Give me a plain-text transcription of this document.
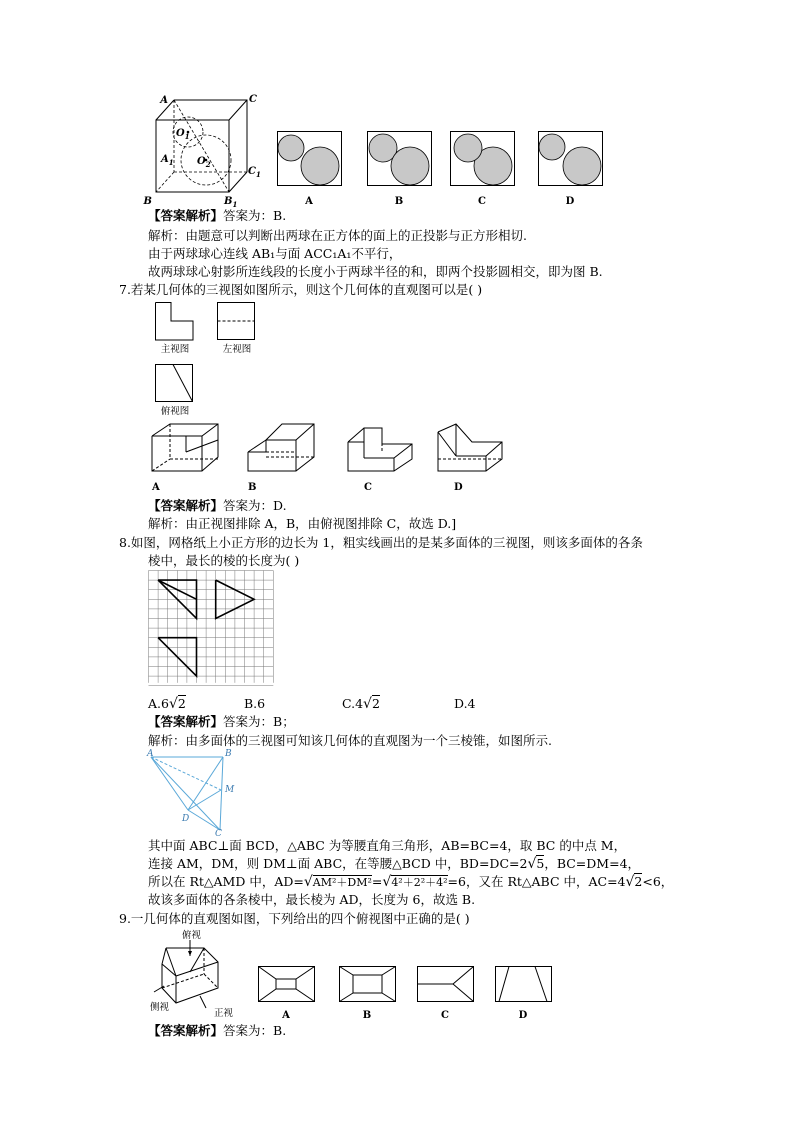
A	C
$O_1$
$A_1$ $O_2$
$C_1$
B	$B_1$	A	B	C	D
【答案解析】答案为：B.
解析：由题意可以判断出两球在正方体的面上的正投影与正方形相切.
由于两球球心连线 AB₁与面 ACC₁A₁不平行，
故两球球心射影所连线段的长度小于两球半径的和，即两个投影圆相交，即为图 B.
7.若某几何体的三视图如图所示，则这个几何体的直观图可以是( )
主视图	左视图
俯视图
A	B	C	D
【答案解析】答案为：D.
解析：由正视图排除 A，B，由俯视图排除 C，故选 D.]
8.如图，网格纸上小正方形的边长为 1，粗实线画出的是某多面体的三视图，则该多面体的各条
棱中，最长的棱的长度为( )
A.6√2	B.6	C.4√2	D.4
【答案解析】答案为：B；
解析：由多面体的三视图可知该几何体的直观图为一个三棱锥，如图所示.
A	B
M
D
C
其中面 ABC⊥面 BCD，△ABC 为等腰直角三角形，AB=BC=4，取 BC 的中点 M，
连接 AM，DM，则 DM⊥面 ABC，在等腰△BCD 中，BD=DC=2√5，BC=DM=4，
所以在 Rt△AMD 中，AD=√AM²＋DM²=√4²＋2²＋4²=6，又在 Rt△ABC 中，AC=4√2<6，
故该多面体的各条棱中，最长棱为 AD，长度为 6，故选 B.
9.一几何体的直观图如图，下列给出的四个俯视图中正确的是( )
俯视
侧视
正视	A	B	C	D
【答案解析】答案为：B.
